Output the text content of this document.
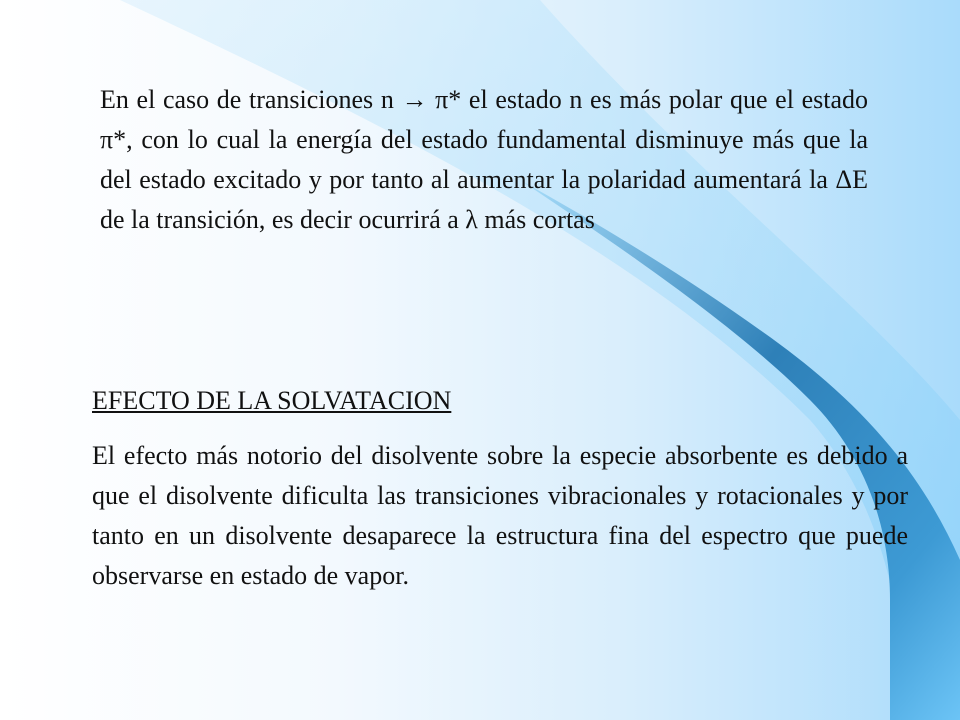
En el caso de transiciones n → π* el estado n es más polar que el estado π*, con lo cual la energía del estado fundamental disminuye más que la del estado excitado y por tanto al aumentar la polaridad aumentará la ΔE de la transición, es decir ocurrirá a λ más cortas

EFECTO DE LA SOLVATACION

El efecto más notorio del disolvente sobre la especie absorbente es debido a que el disolvente dificulta las transiciones vibracionales y rotacionales y por tanto en un disolvente desaparece la estructura fina del espectro que puede observarse en estado de vapor.
